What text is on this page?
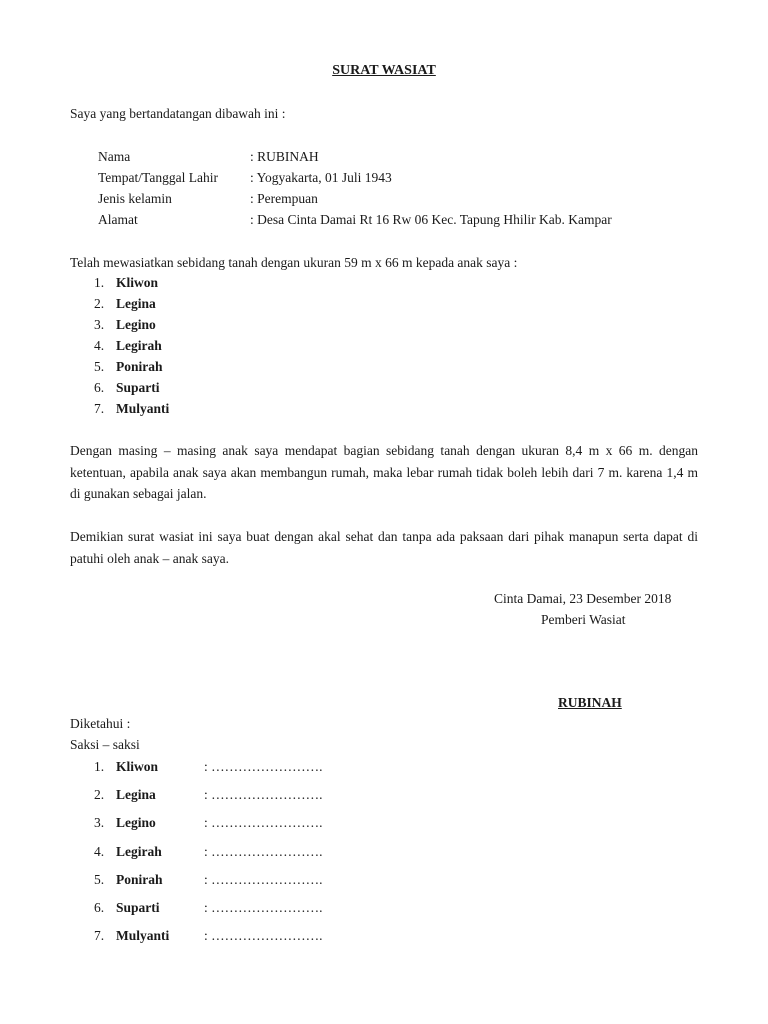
SURAT WASIAT
Saya yang bertandatangan dibawah ini :
Nama	: RUBINAH
Tempat/Tanggal Lahir	: Yogyakarta, 01 Juli 1943
Jenis kelamin	: Perempuan
Alamat	: Desa Cinta Damai Rt 16 Rw 06 Kec. Tapung Hhilir Kab. Kampar
Telah mewasiatkan sebidang tanah dengan ukuran 59 m x 66 m kepada anak saya :
1. Kliwon
2. Legina
3. Legino
4. Legirah
5. Ponirah
6. Suparti
7. Mulyanti
Dengan masing – masing anak saya mendapat bagian sebidang tanah dengan ukuran 8,4 m x 66 m. dengan ketentuan, apabila anak saya akan membangun rumah, maka lebar rumah tidak boleh lebih dari 7 m. karena 1,4 m di gunakan sebagai jalan.
Demikian surat wasiat ini saya buat dengan akal sehat dan tanpa ada paksaan dari pihak manapun serta dapat di patuhi oleh anak – anak saya.
Cinta Damai, 23 Desember 2018
Pemberi Wasiat
RUBINAH
Diketahui :
Saksi – saksi
1. Kliwon	: …………………….
2. Legina	: …………………….
3. Legino	: …………………….
4. Legirah	: …………………….
5. Ponirah	: …………………….
6. Suparti	: …………………….
7. Mulyanti	: …………………….
